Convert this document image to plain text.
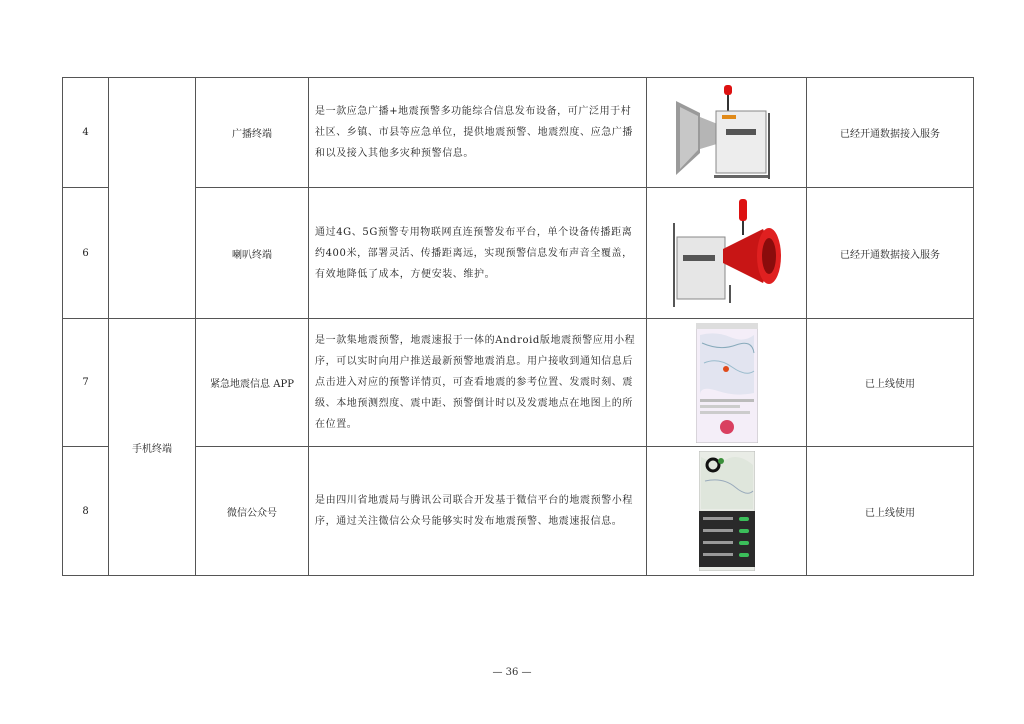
4		广播终端	是一款应急广播+地震预警多功能综合信息发布设备，可广泛用于村社区、乡镇、市县等应急单位，提供地震预警、地震烈度、应急广播和以及接入其他多灾种预警信息。		已经开通数据接入服务
6		喇叭终端	通过4G、5G预警专用物联网直连预警发布平台，单个设备传播距离约400米，部署灵活、传播距离远，实现预警信息发布声音全覆盖，有效地降低了成本，方便安装、维护。		已经开通数据接入服务
7	手机终端	紧急地震信息 APP	是一款集地震预警，地震速报于一体的Android版地震预警应用小程序，可以实时向用户推送最新预警地震消息。用户接收到通知信息后点击进入对应的预警详情页，可查看地震的参考位置、发震时刻、震级、本地预测烈度、震中距、预警倒计时以及发震地点在地图上的所在位置。		已上线使用
8		微信公众号	是由四川省地震局与腾讯公司联合开发基于微信平台的地震预警小程序，通过关注微信公众号能够实时发布地震预警、地震速报信息。		已上线使用
— 36 —
